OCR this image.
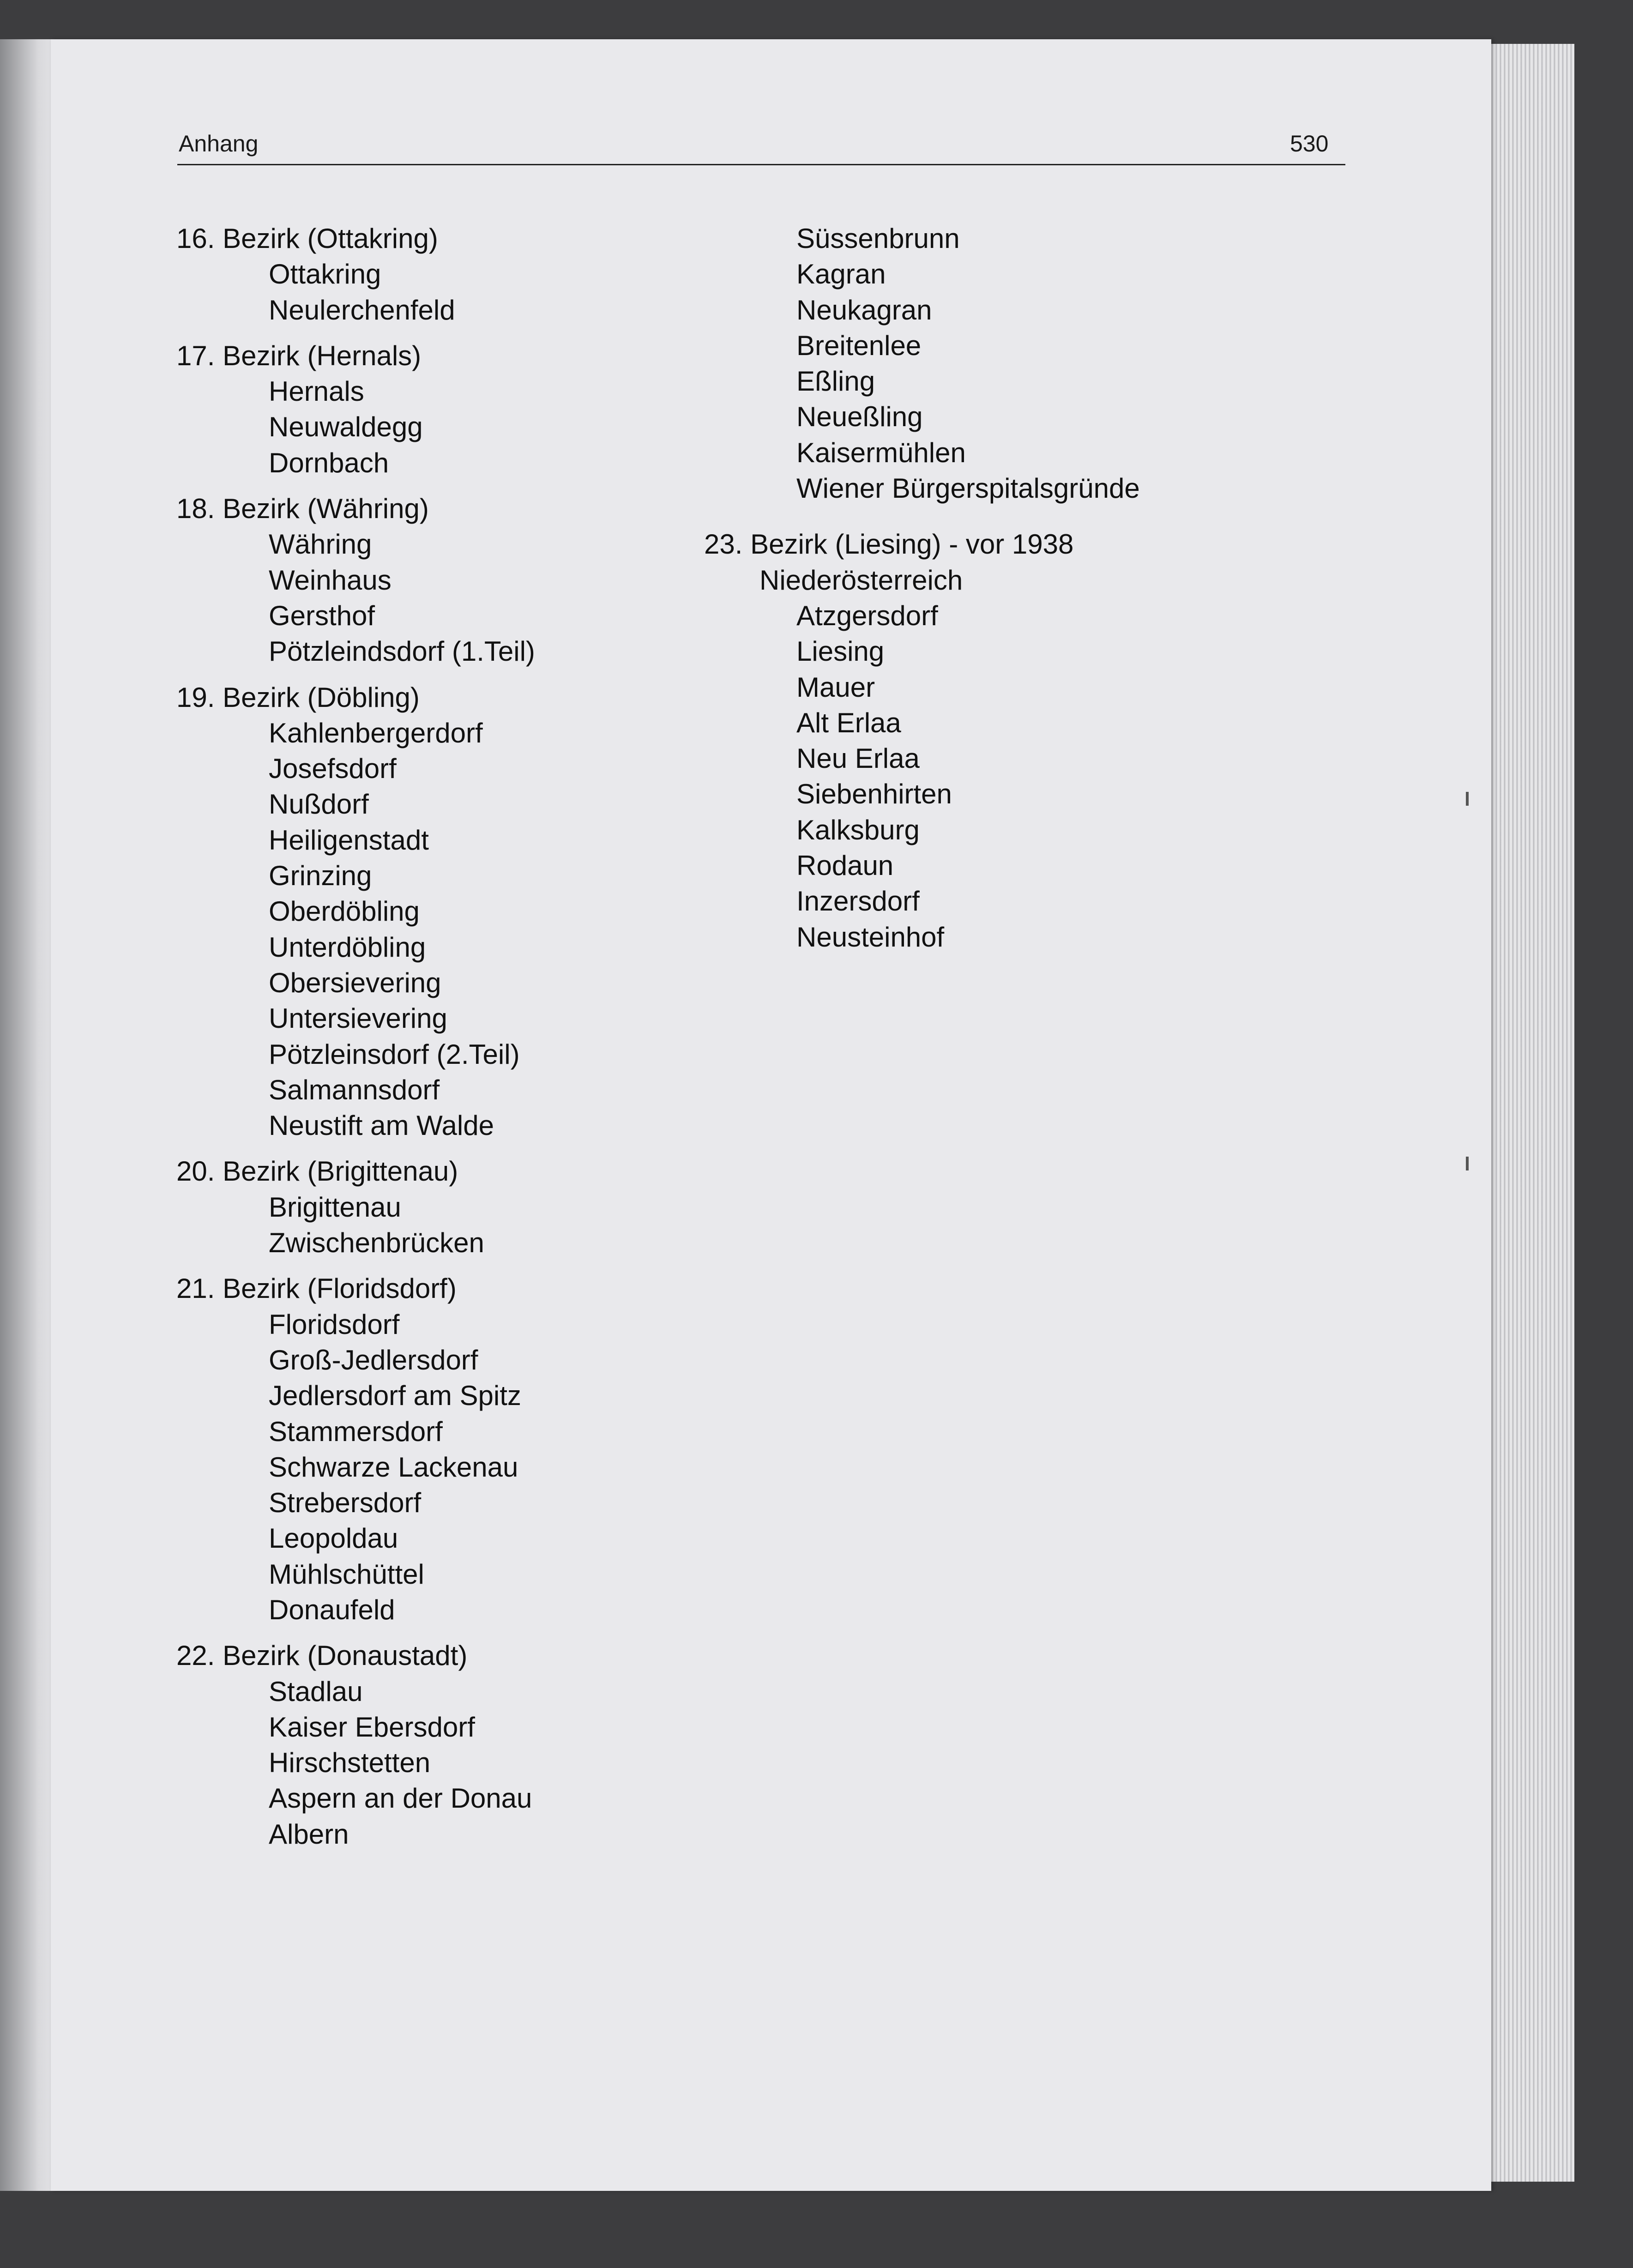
Anhang	530
16. Bezirk (Ottakring)
Ottakring
Neulerchenfeld
17. Bezirk (Hernals)
Hernals
Neuwaldegg
Dornbach
18. Bezirk (Währing)
Währing
Weinhaus
Gersthof
Pötzleindsdorf (1.Teil)
19. Bezirk (Döbling)
Kahlenbergerdorf
Josefsdorf
Nußdorf
Heiligenstadt
Grinzing
Oberdöbling
Unterdöbling
Obersievering
Untersievering
Pötzleinsdorf (2.Teil)
Salmannsdorf
Neustift am Walde
20. Bezirk (Brigittenau)
Brigittenau
Zwischenbrücken
21. Bezirk (Floridsdorf)
Floridsdorf
Groß-Jedlersdorf
Jedlersdorf am Spitz
Stammersdorf
Schwarze Lackenau
Strebersdorf
Leopoldau
Mühlschüttel
Donaufeld
22. Bezirk (Donaustadt)
Stadlau
Kaiser Ebersdorf
Hirschstetten
Aspern an der Donau
Albern
Süssenbrunn
Kagran
Neukagran
Breitenlee
Eßling
Neueßling
Kaisermühlen
Wiener Bürgerspitalsgründe
23. Bezirk (Liesing) - vor 1938
Niederösterreich
Atzgersdorf
Liesing
Mauer
Alt Erlaa
Neu Erlaa
Siebenhirten
Kalksburg
Rodaun
Inzersdorf
Neusteinhof
